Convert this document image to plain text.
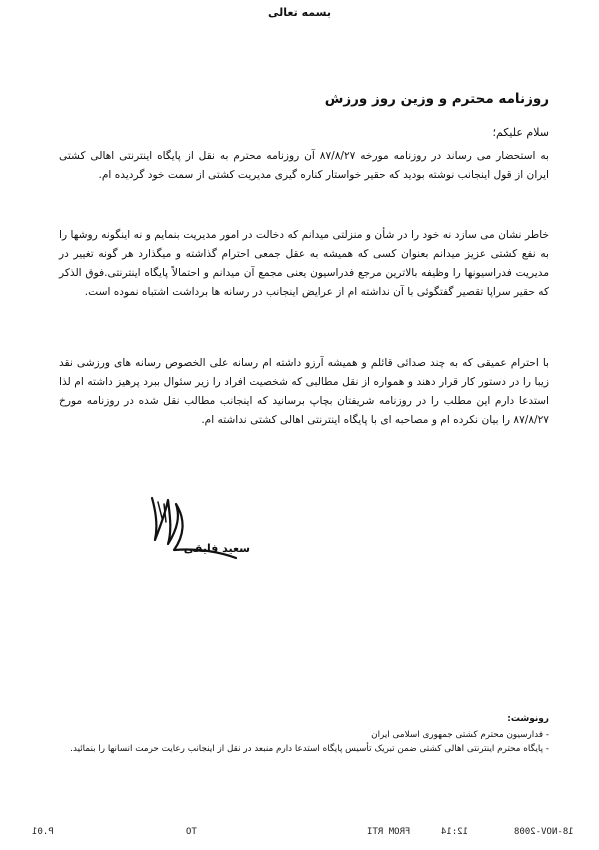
بسمه تعالی
روزنامه محترم و وزین روز ورزش
سلام علیکم؛

به استحضار می رساند در روزنامه مورخه ۸۷/۸/۲۷ آن روزنامه محترم به نقل از پایگاه اینترنتی اهالی کشتی ایران از قول اینجانب نوشته بودید که حقیر خواستار کناره گیری مدیریت کشتی از سمت خود گردیده ام.

خاطر نشان می سازد نه خود را در شأن و منزلتی میدانم که دخالت در امور مدیریت بنمایم و نه اینگونه روشها را به نفع کشتی عزیز میدانم بعنوان کسی که همیشه به عقل جمعی احترام گذاشته و میگذارد هر گونه تغییر در مدیریت فدراسیونها را وظیفه بالاترین مرجع فدراسیون یعنی مجمع آن میدانم و احتمالاً پایگاه اینترنتی.فوق الذکر که حقیر سراپا تقصیر گفتگوئی با آن نداشته ام از عرایض اینجانب در رسانه ها برداشت اشتباه نموده است.

با احترام عمیقی که به چند صدائی قائلم و همیشه آرزو داشته ام رسانه علی الخصوص رسانه های ورزشی نقد زیبا را در دستور کار قرار دهند و همواره از نقل مطالبی که شخصیت افراد را زیر سئوال ببرد پرهیز داشته ام لذا استدعا دارم این مطلب را در روزنامه شریفتان بچاپ برسانید که اینجانب مطالب نقل شده در روزنامه مورخ ۸۷/۸/۲۷ را بیان نکرده ام و مصاحبه ای با پایگاه اینترنتی اهالی کشتی نداشته ام.

سعید فایقی
رونوشت:
- فدارسیون محترم کشتی جمهوری اسلامی ایران
- پایگاه محترم اینترنتی اهالی کشتی ضمن تبریک تأسیس پایگاه استدعا دارم منبعد در نقل از اینجانب رعایت حرمت انسانها را بنمائید.
P.01	TO	FROM RTI	12:14	18-NOV-2008
